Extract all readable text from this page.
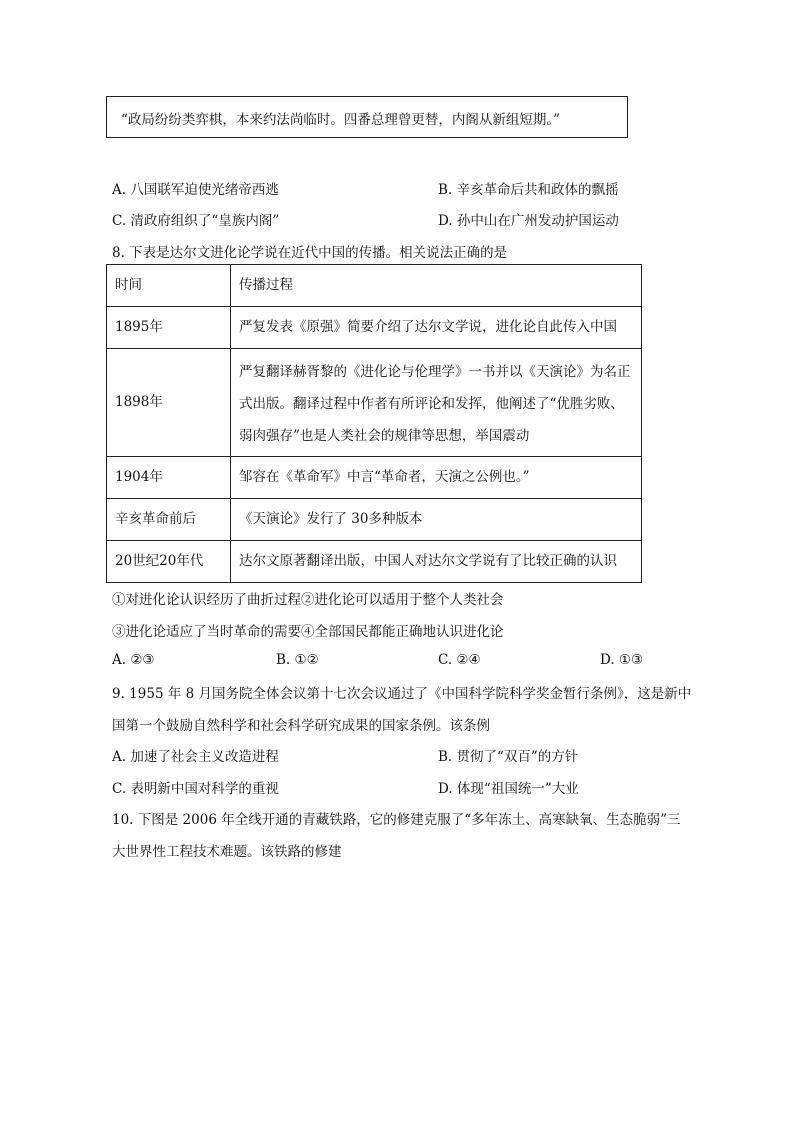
“政局纷纷类弈棋，本来约法尚临时。四番总理曾更替，内阁从新组短期。”
A. 八国联军迫使光绪帝西逃	B. 辛亥革命后共和政体的飘摇
C. 清政府组织了“皇族内阁”	D. 孙中山在广州发动护国运动
8. 下表是达尔文进化论学说在近代中国的传播。相关说法正确的是
时间	传播过程
1895年	严复发表《原强》简要介绍了达尔文学说，进化论自此传入中国
1898年	严复翻译赫胥黎的《进化论与伦理学》一书并以《天演论》为名正式出版。翻译过程中作者有所评论和发挥，他阐述了“优胜劣败、弱肉强存”也是人类社会的规律等思想，举国震动
1904年	邹容在《革命军》中言“革命者，天演之公例也。”
辛亥革命前后	《天演论》发行了 30多种版本
20世纪20年代	达尔文原著翻译出版，中国人对达尔文学说有了比较正确的认识
①对进化论认识经历了曲折过程②进化论可以适用于整个人类社会
③进化论适应了当时革命的需要④全部国民都能正确地认识进化论
A. ②③	B. ①②	C. ②④	D. ①③
9. 1955 年 8 月国务院全体会议第十七次会议通过了《中国科学院科学奖金暂行条例》，这是新中
国第一个鼓励自然科学和社会科学研究成果的国家条例。该条例
A. 加速了社会主义改造进程	B. 贯彻了“双百”的方针
C. 表明新中国对科学的重视	D. 体现“祖国统一”大业
10. 下图是 2006 年全线开通的青藏铁路，它的修建克服了“多年冻土、高寒缺氧、生态脆弱”三
大世界性工程技术难题。该铁路的修建
